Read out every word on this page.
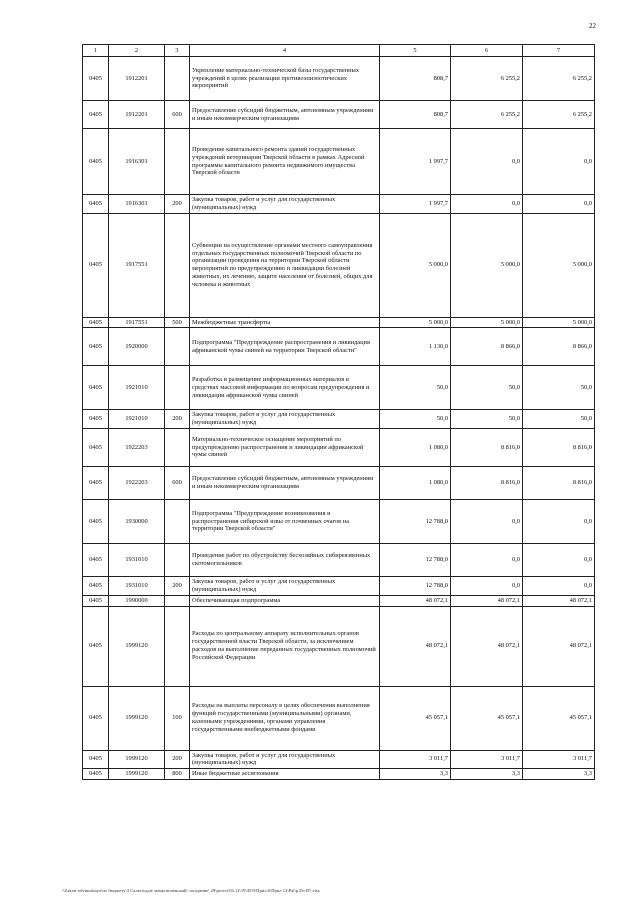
22
1	2	3	4	5	6	7
0405	1912201		Укрепление материально-технической базы государственных учреждений в целях реализации противоэпизоотических мероприятий	808,7	6 255,2	6 255,2
0405	1912201	600	Предоставление субсидий бюджетным, автономным учреждениям и иным некоммерческим организациям	808,7	6 255,2	6 255,2
0405	1916301		Проведение капитального ремонта зданий государственных учреждений ветеринарии Тверской области в рамках Адресной программы капитального ремонта недвижимого имущества Тверской области	1 997,7	0,0	0,0
0405	1916301	200	Закупка товаров, работ и услуг для государственных (муниципальных) нужд	1 997,7	0,0	0,0
0405	1917551		Субвенции на осуществление органами местного самоуправления отдельных государственных полномочий Тверской области по организации проведения на территории Тверской области мероприятий по предупреждению и ликвидации болезней животных, их лечению, защите населения от болезней, общих для человека и животных	5 000,0	5 000,0	5 000,0
0405	1917551	500	Межбюджетные трансферты	5 000,0	5 000,0	5 000,0
0405	1920000		Подпрограмма "Предупреждение распространения и ликвидация африканской чумы свиней на территории Тверской области"	1 130,0	8 866,0	8 866,0
0405	1921010		Разработка и размещение информационных материалов в средствах массовой информации по вопросам предупреждения и ликвидации африканской чумы свиней	50,0	50,0	50,0
0405	1921010	200	Закупка товаров, работ и услуг для государственных (муниципальных) нужд	50,0	50,0	50,0
0405	1922203		Материально-техническое оснащение мероприятий по предупреждению распространения и ликвидации африканской чумы свиней	1 080,0	8 816,0	8 816,0
0405	1922203	600	Предоставление субсидий бюджетным, автономным учреждениям и иным некоммерческим организациям	1 080,0	8 816,0	8 816,0
0405	1930000		Подпрограмма "Предупреждение возникновения и распространения сибирской язвы от почвенных очагов на территории Тверской области"	12 788,0	0,0	0,0
0405	1931010		Проведение работ по обустройству бесхозяйных сибиреязвенных скотомогильников	12 788,0	0,0	0,0
0405	1931010	200	Закупка товаров, работ и услуг для государственных (муниципальных) нужд	12 788,0	0,0	0,0
0405	1990000		Обеспечивающая подпрограмма	48 072,1	48 072,1	48 072,1
0405	1999120		Расходы по центральному аппарату исполнительных органов государственной власти Тверской области, за исключением расходов на выполнение переданных государственных полномочий Российской Федерации	48 072,1	48 072,1	48 072,1
0405	1999120	100	Расходы на выплаты персоналу в целях обеспечения выполнения функций государственными (муниципальными) органами, казенными учреждениями, органами управления государственными внебюджетными фондами	45 057,1	45 057,1	45 057,1
0405	1999120	200	Закупка товаров, работ и услуг для государственных (муниципальных) нужд	3 011,7	3 011,7	3 011,7
0405	1999120	800	Иные бюджетные ассигнования	3,3	3,3	3,3
\\Zakon-odvinuskaya\по бюджету\3 Сальта\для\ мамы воченский\ заседание\ 29\proect\04.12\19\45\9\Прил.6\Прил 12\Pal\p Do B? xlsx
